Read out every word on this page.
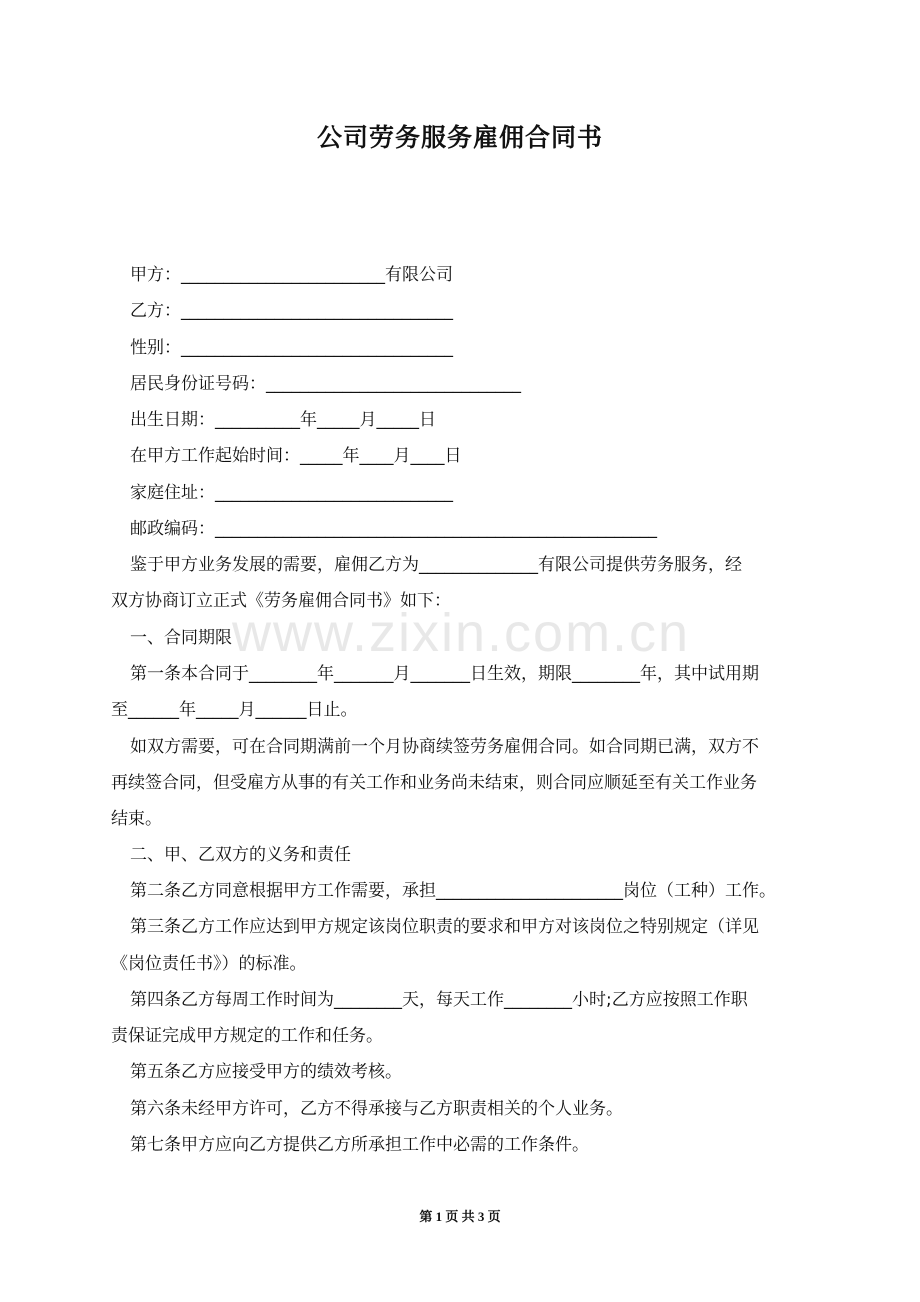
公司劳务服务雇佣合同书
www.zixin.com.cn
甲方：________________________有限公司
乙方：________________________________
性别：________________________________
居民身份证号码：______________________________
出生日期：__________年_____月_____日
在甲方工作起始时间：_____年____月____日
家庭住址：____________________________
邮政编码：____________________________________________________
鉴于甲方业务发展的需要，雇佣乙方为______________有限公司提供劳务服务，经
双方协商订立正式《劳务雇佣合同书》如下：
一、合同期限
第一条本合同于________年_______月_______日生效，期限________年，其中试用期
至______年_____月______日止。
如双方需要，可在合同期满前一个月协商续签劳务雇佣合同。如合同期已满，双方不
再续签合同，但受雇方从事的有关工作和业务尚未结束，则合同应顺延至有关工作业务
结束。
二、甲、乙双方的义务和责任
第二条乙方同意根据甲方工作需要，承担______________________岗位（工种）工作。
第三条乙方工作应达到甲方规定该岗位职责的要求和甲方对该岗位之特别规定（详见
《岗位责任书》）的标准。
第四条乙方每周工作时间为________天，每天工作________小时;乙方应按照工作职
责保证完成甲方规定的工作和任务。
第五条乙方应接受甲方的绩效考核。
第六条未经甲方许可，乙方不得承接与乙方职责相关的个人业务。
第七条甲方应向乙方提供乙方所承担工作中必需的工作条件。
第 1 页 共 3 页
